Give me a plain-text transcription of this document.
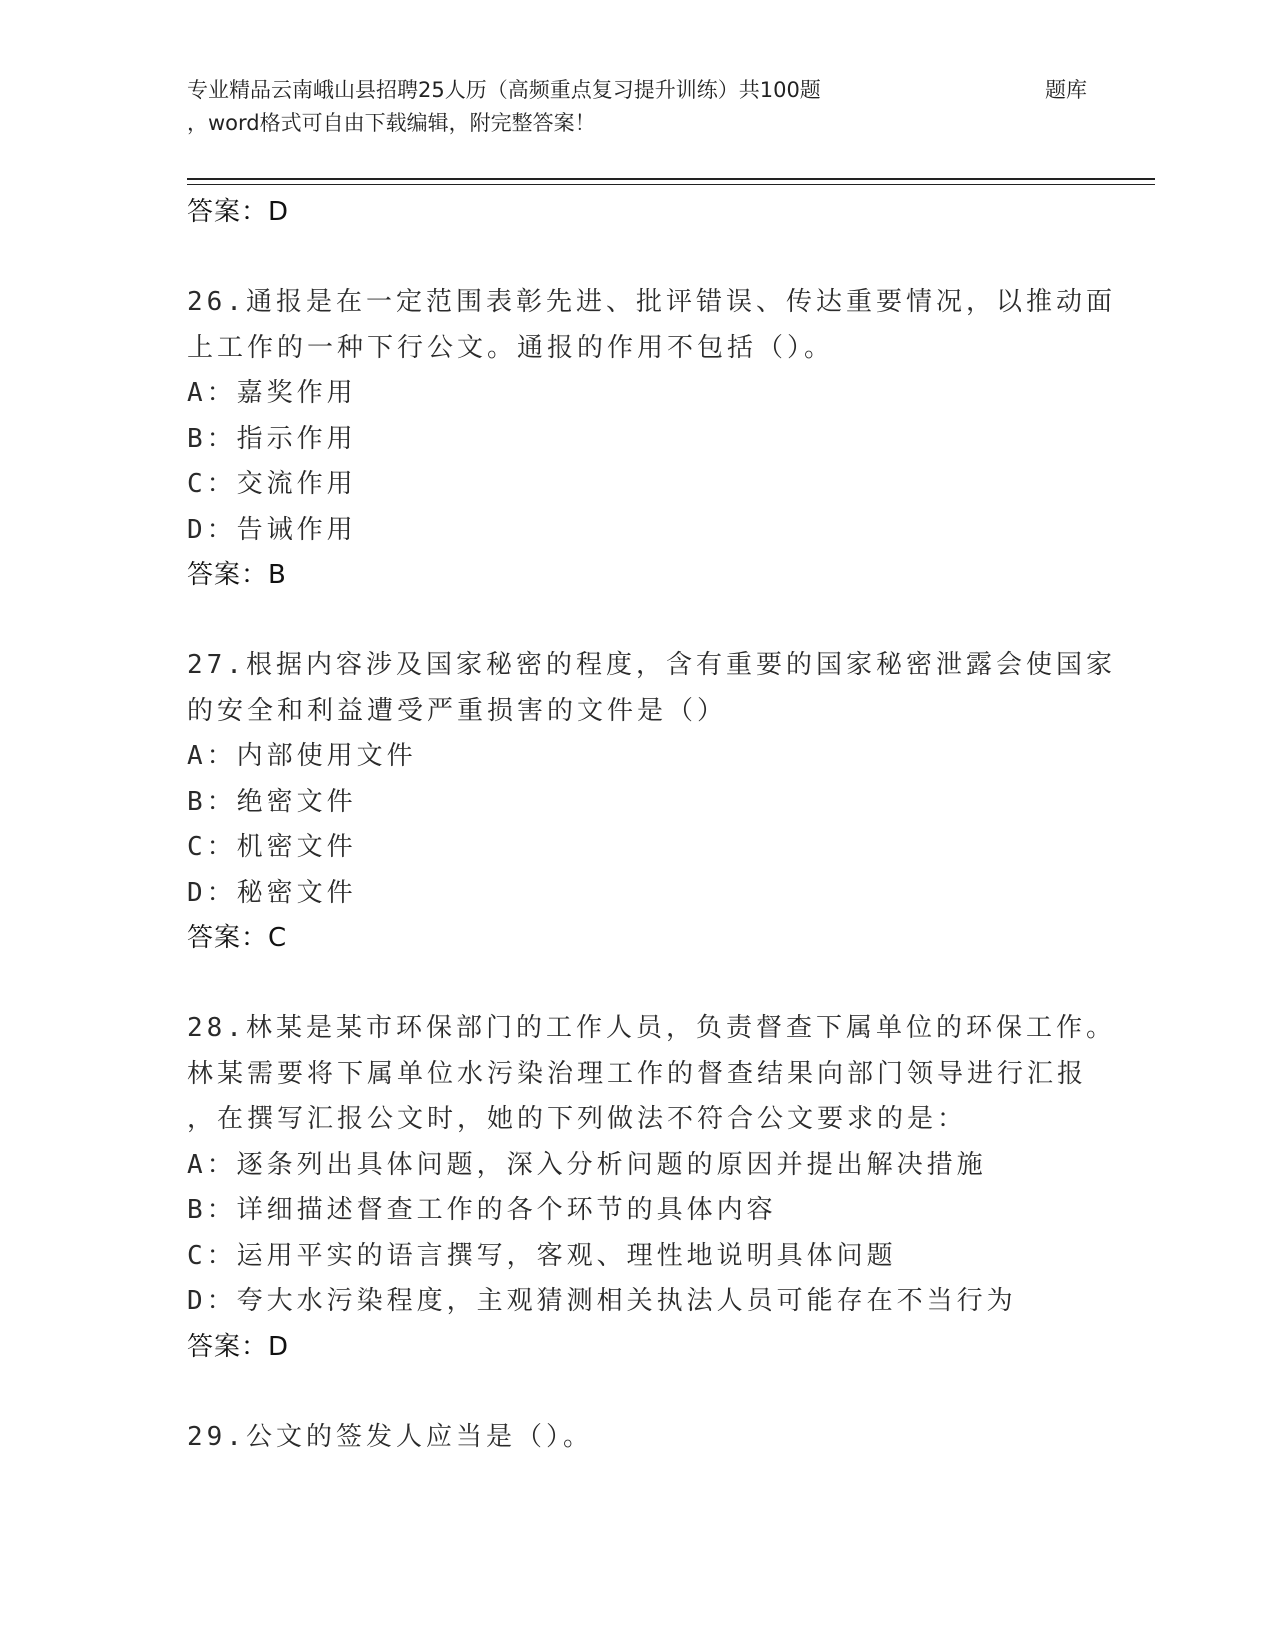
专业精品云南峨山县招聘25人历（高频重点复习提升训练）共100题	题库
，word格式可自由下载编辑，附完整答案！
答案：D
26.通报是在一定范围表彰先进、批评错误、传达重要情况，以推动面
上工作的一种下行公文。通报的作用不包括（）。
A：嘉奖作用
B：指示作用
C：交流作用
D：告诫作用
答案：B
27.根据内容涉及国家秘密的程度，含有重要的国家秘密泄露会使国家
的安全和利益遭受严重损害的文件是（）
A：内部使用文件
B：绝密文件
C：机密文件
D：秘密文件
答案：C
28.林某是某市环保部门的工作人员，负责督查下属单位的环保工作。
林某需要将下属单位水污染治理工作的督查结果向部门领导进行汇报
，在撰写汇报公文时，她的下列做法不符合公文要求的是：
A：逐条列出具体问题，深入分析问题的原因并提出解决措施
B：详细描述督查工作的各个环节的具体内容
C：运用平实的语言撰写，客观、理性地说明具体问题
D：夸大水污染程度，主观猜测相关执法人员可能存在不当行为
答案：D
29.公文的签发人应当是（）。
